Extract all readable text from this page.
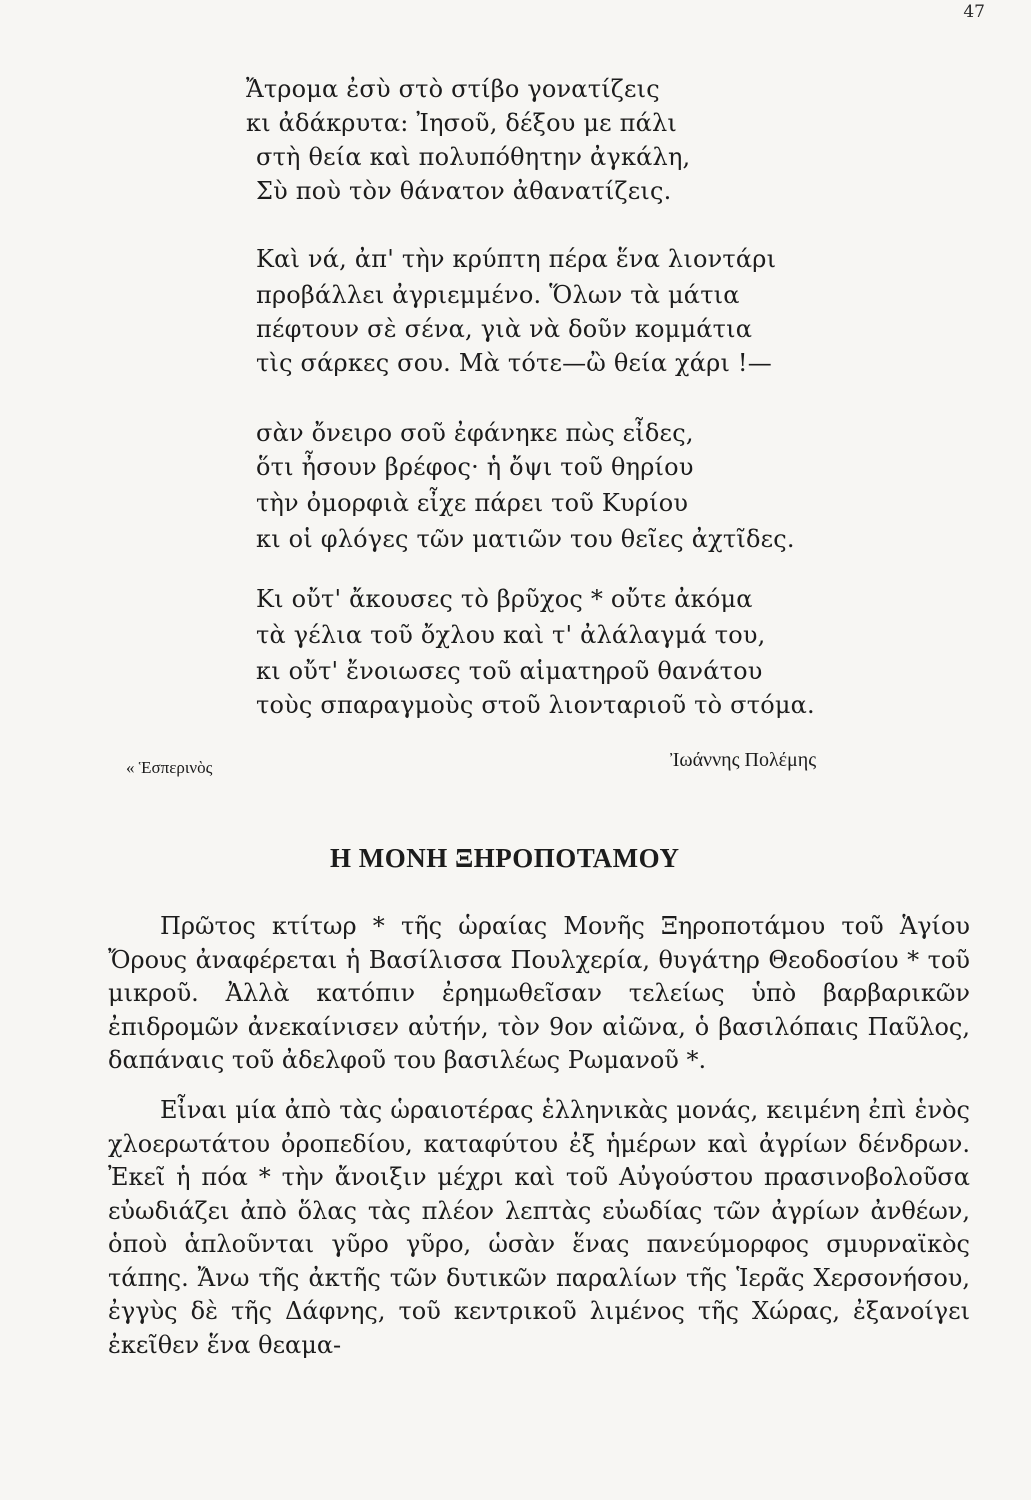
47
Ἄτρομα ἐσὺ στὸ στίβο γονατίζεις
κι ἀδάκρυτα: Ἰησοῦ, δέξου με πάλι
στὴ θεία καὶ πολυπόθητην ἀγκάλη,
Σὺ ποὺ τὸν θάνατον ἀθανατίζεις.
Καὶ νά, ἀπ' τὴν κρύπτη πέρα ἕνα λιοντάρι
προβάλλει ἀγριεμμένο. Ὅλων τὰ μάτια
πέφτουν σὲ σένα, γιὰ νὰ δοῦν κομμάτια
τὶς σάρκες σου. Μὰ τότε—ὢ θεία χάρι !—
σὰν ὄνειρο σοῦ ἐφάνηκε πὼς εἶδες,
ὅτι ἦσουν βρέφος· ἡ ὄψι τοῦ θηρίου
τὴν ὀμορφιὰ εἶχε πάρει τοῦ Κυρίου
κι οἱ φλόγες τῶν ματιῶν του θεῖες ἀχτῖδες.
Κι οὔτ' ἄκουσες τὸ βρῦχος * οὔτε ἀκόμα
τὰ γέλια τοῦ ὄχλου καὶ τ' ἀλάλαγμά του,
κι οὔτ' ἔνοιωσες τοῦ αἱματηροῦ θανάτου
τοὺς σπαραγμοὺς στοῦ λιονταριοῦ τὸ στόμα.
« Ἑσπερινὸς	Ἰωάννης Πολέμης
Η ΜΟΝΗ ΞΗΡΟΠΟΤΑΜΟΥ

Πρῶτος κτίτωρ * τῆς ὡραίας Μονῆς Ξηροποτάμου τοῦ Ἁγίου Ὄρους ἀναφέρεται ἡ Βασίλισσα Πουλχερία, θυγάτηρ Θεοδοσίου * τοῦ μικροῦ. Ἀλλὰ κατόπιν ἐρημωθεῖσαν τελείως ὑπὸ βαρβαρικῶν ἐπιδρομῶν ἀνεκαίνισεν αὐτήν, τὸν 9ον αἰῶνα, ὁ βασιλόπαις Παῦλος, δαπάναις τοῦ ἀδελφοῦ του βασιλέως Ρωμανοῦ *.

Εἶναι μία ἀπὸ τὰς ὡραιοτέρας ἑλληνικὰς μονάς, κειμένη ἐπὶ ἑνὸς χλοερωτάτου ὀροπεδίου, καταφύτου ἐξ ἡμέρων καὶ ἀγρίων δένδρων. Ἐκεῖ ἡ πόα * τὴν ἄνοιξιν μέχρι καὶ τοῦ Αὐγούστου πρασινοβολοῦσα εὐωδιάζει ἀπὸ ὅλας τὰς πλέον λεπτὰς εὐωδίας τῶν ἀγρίων ἀνθέων, ὁποὺ ἁπλοῦνται γῦρο γῦρο, ὡσὰν ἕνας πανεύμορφος σμυρναϊκὸς τάπης. Ἄνω τῆς ἀκτῆς τῶν δυτικῶν παραλίων τῆς Ἱερᾶς Χερσονήσου, ἐγγὺς δὲ τῆς Δάφνης, τοῦ κεντρικοῦ λιμένος τῆς Χώρας, ἐξανοίγει ἐκεῖθεν ἕνα θεαμα-
